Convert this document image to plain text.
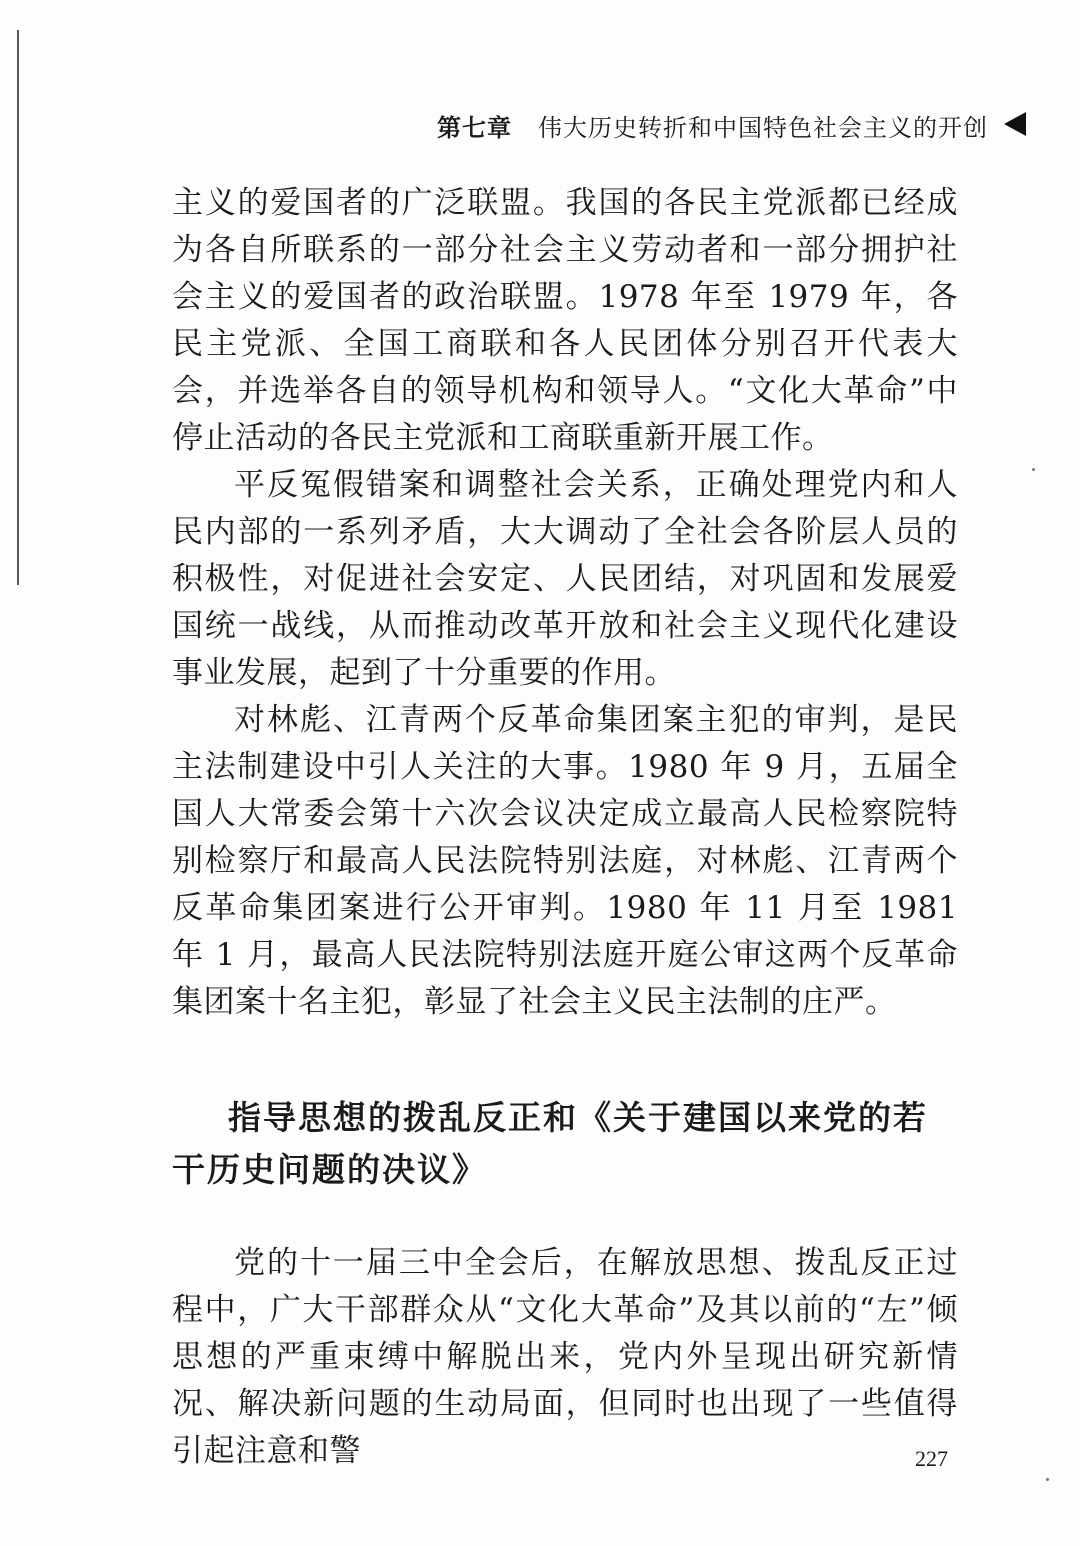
第七章 伟大历史转折和中国特色社会主义的开创

主义的爱国者的广泛联盟。我国的各民主党派都已经成为各自所联系的一部分社会主义劳动者和一部分拥护社会主义的爱国者的政治联盟。1978 年至 1979 年，各民主党派、全国工商联和各人民团体分别召开代表大会，并选举各自的领导机构和领导人。“文化大革命”中停止活动的各民主党派和工商联重新开展工作。

平反冤假错案和调整社会关系，正确处理党内和人民内部的一系列矛盾，大大调动了全社会各阶层人员的积极性，对促进社会安定、人民团结，对巩固和发展爱国统一战线，从而推动改革开放和社会主义现代化建设事业发展，起到了十分重要的作用。

对林彪、江青两个反革命集团案主犯的审判，是民主法制建设中引人关注的大事。1980 年 9 月，五届全国人大常委会第十六次会议决定成立最高人民检察院特别检察厅和最高人民法院特别法庭，对林彪、江青两个反革命集团案进行公开审判。1980 年 11 月至 1981 年 1 月，最高人民法院特别法庭开庭公审这两个反革命集团案十名主犯，彰显了社会主义民主法制的庄严。

指导思想的拨乱反正和《关于建国以来党的若干历史问题的决议》

党的十一届三中全会后，在解放思想、拨乱反正过程中，广大干部群众从“文化大革命”及其以前的“左”倾思想的严重束缚中解脱出来，党内外呈现出研究新情况、解决新问题的生动局面，但同时也出现了一些值得引起注意和警	227
